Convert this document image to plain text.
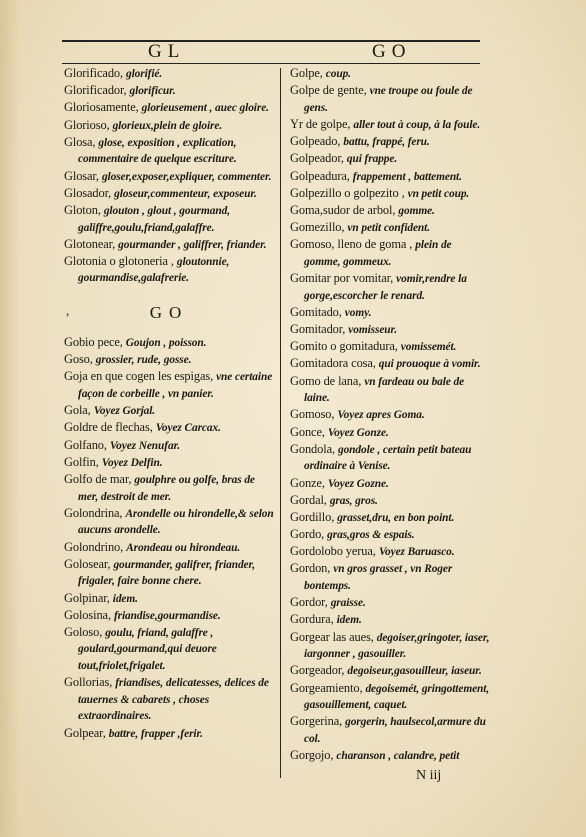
GL	GO

Glorificado, glorifié.

Glorificador, glorificur.

Gloriosamente, glorieusement , auec gloire.

Glorioso, glorieux,plein de gloire.

Glosa, glose, exposition , explication, commentaire de quelque escriture.

Glosar, gloser,exposer,expliquer, commenter.

Glosador, gloseur,commenteur, exposeur.

Gloton, glouton , glout , gourmand, galiffre,goulu,friand,galaffre.

Glotonear, gourmander , galiffrer, friander.

Glotonia o glotoneria , gloutonnie, gourmandise,galafrerie.

,	GO

Gobio pece, Goujon , poisson.

Goso, grossier, rude, gosse.

Goja en que cogen les espigas, vne certaine façon de corbeille , vn panier.

Gola, Voyez Gorjal.

Goldre de flechas, Voyez Carcax.

Golfano, Voyez Nenufar.

Golfin, Voyez Delfin.

Golfo de mar, goulphre ou golfe, bras de mer, destroit de mer.

Golondrina, Arondelle ou hirondelle,& selon aucuns arondelle.

Golondrino, Arondeau ou hirondeau.

Golosear, gourmander, galifrer, friander, frigaler, faire bonne chere.

Golpinar, idem.

Golosina, friandise,gourmandise.

Goloso, goulu, friand, galaffre , goulard,gourmand,qui deuore tout,friolet,frigalet.

Gollorias, friandises, delicatesses, delices de tauernes & cabarets , choses extraordinaires.

Golpear, battre, frapper ,ferir.

Golpe, coup.

Golpe de gente, vne troupe ou foule de gens.

Yr de golpe, aller tout à coup, à la foule.

Golpeado, battu, frappé, feru.

Golpeador, qui frappe.

Golpeadura, frappement , battement.

Golpezillo o golpezito , vn petit coup.

Goma,sudor de arbol, gomme.

Gomezillo, vn petit confident.

Gomoso, lleno de goma , plein de gomme, gommeux.

Gomitar por vomitar, vomir,rendre la gorge,escorcher le renard.

Gomitado, vomy.

Gomitador, vomisseur.

Gomito o gomitadura, vomissemét.

Gomitadora cosa, qui prouoque à vomir.

Gomo de lana, vn fardeau ou bale de laine.

Gomoso, Voyez apres Goma.

Gonce, Voyez Gonze.

Gondola, gondole , certain petit bateau ordinaire à Venise.

Gonze, Voyez Gozne.

Gordal, gras, gros.

Gordillo, grasset,dru, en bon point.

Gordo, gras,gros & espais.

Gordolobo yerua, Voyez Baruasco.

Gordon, vn gros grasset , vn Roger bontemps.

Gordor, graisse.

Gordura, idem.

Gorgear las aues, degoiser,gringoter, iaser, iargonner , gasouiller.

Gorgeador, degoiseur,gasouilleur, iaseur.

Gorgeamiento, degoisemét, gringottement, gasouillement, caquet.

Gorgerina, gorgerin, haulsecol,armure du col.

Gorgojo, charanson , calandre, petit

N iij
